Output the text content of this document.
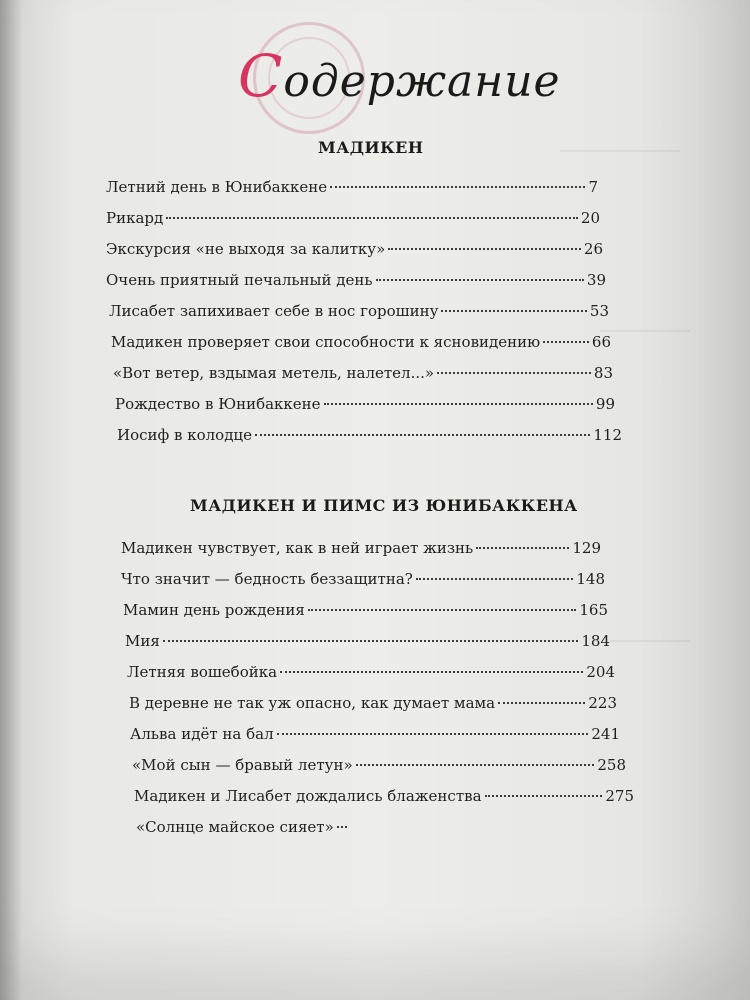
Содержание
МАДИКЕН
Летний день в Юнибаккене	7
Рикард	20
Экскурсия «не выходя за калитку»	26
Очень приятный печальный день	39
Лисабет запихивает себе в нос горошину	53
Мадикен проверяет свои способности к ясновидению	66
«Вот ветер, вздымая метель, налетел...»	83
Рождество в Юнибаккене	99
Иосиф в колодце	112
МАДИКЕН И ПИМС ИЗ ЮНИБАККЕНА
Мадикен чувствует, как в ней играет жизнь	129
Что значит — бедность беззащитна?	148
Мамин день рождения	165
Мия	184
Летняя вошебойка	204
В деревне не так уж опасно, как думает мама	223
Альва идёт на бал	241
«Мой сын — бравый летун»	258
Мадикен и Лисабет дождались блаженства	275
«Солнце майское сияет»
